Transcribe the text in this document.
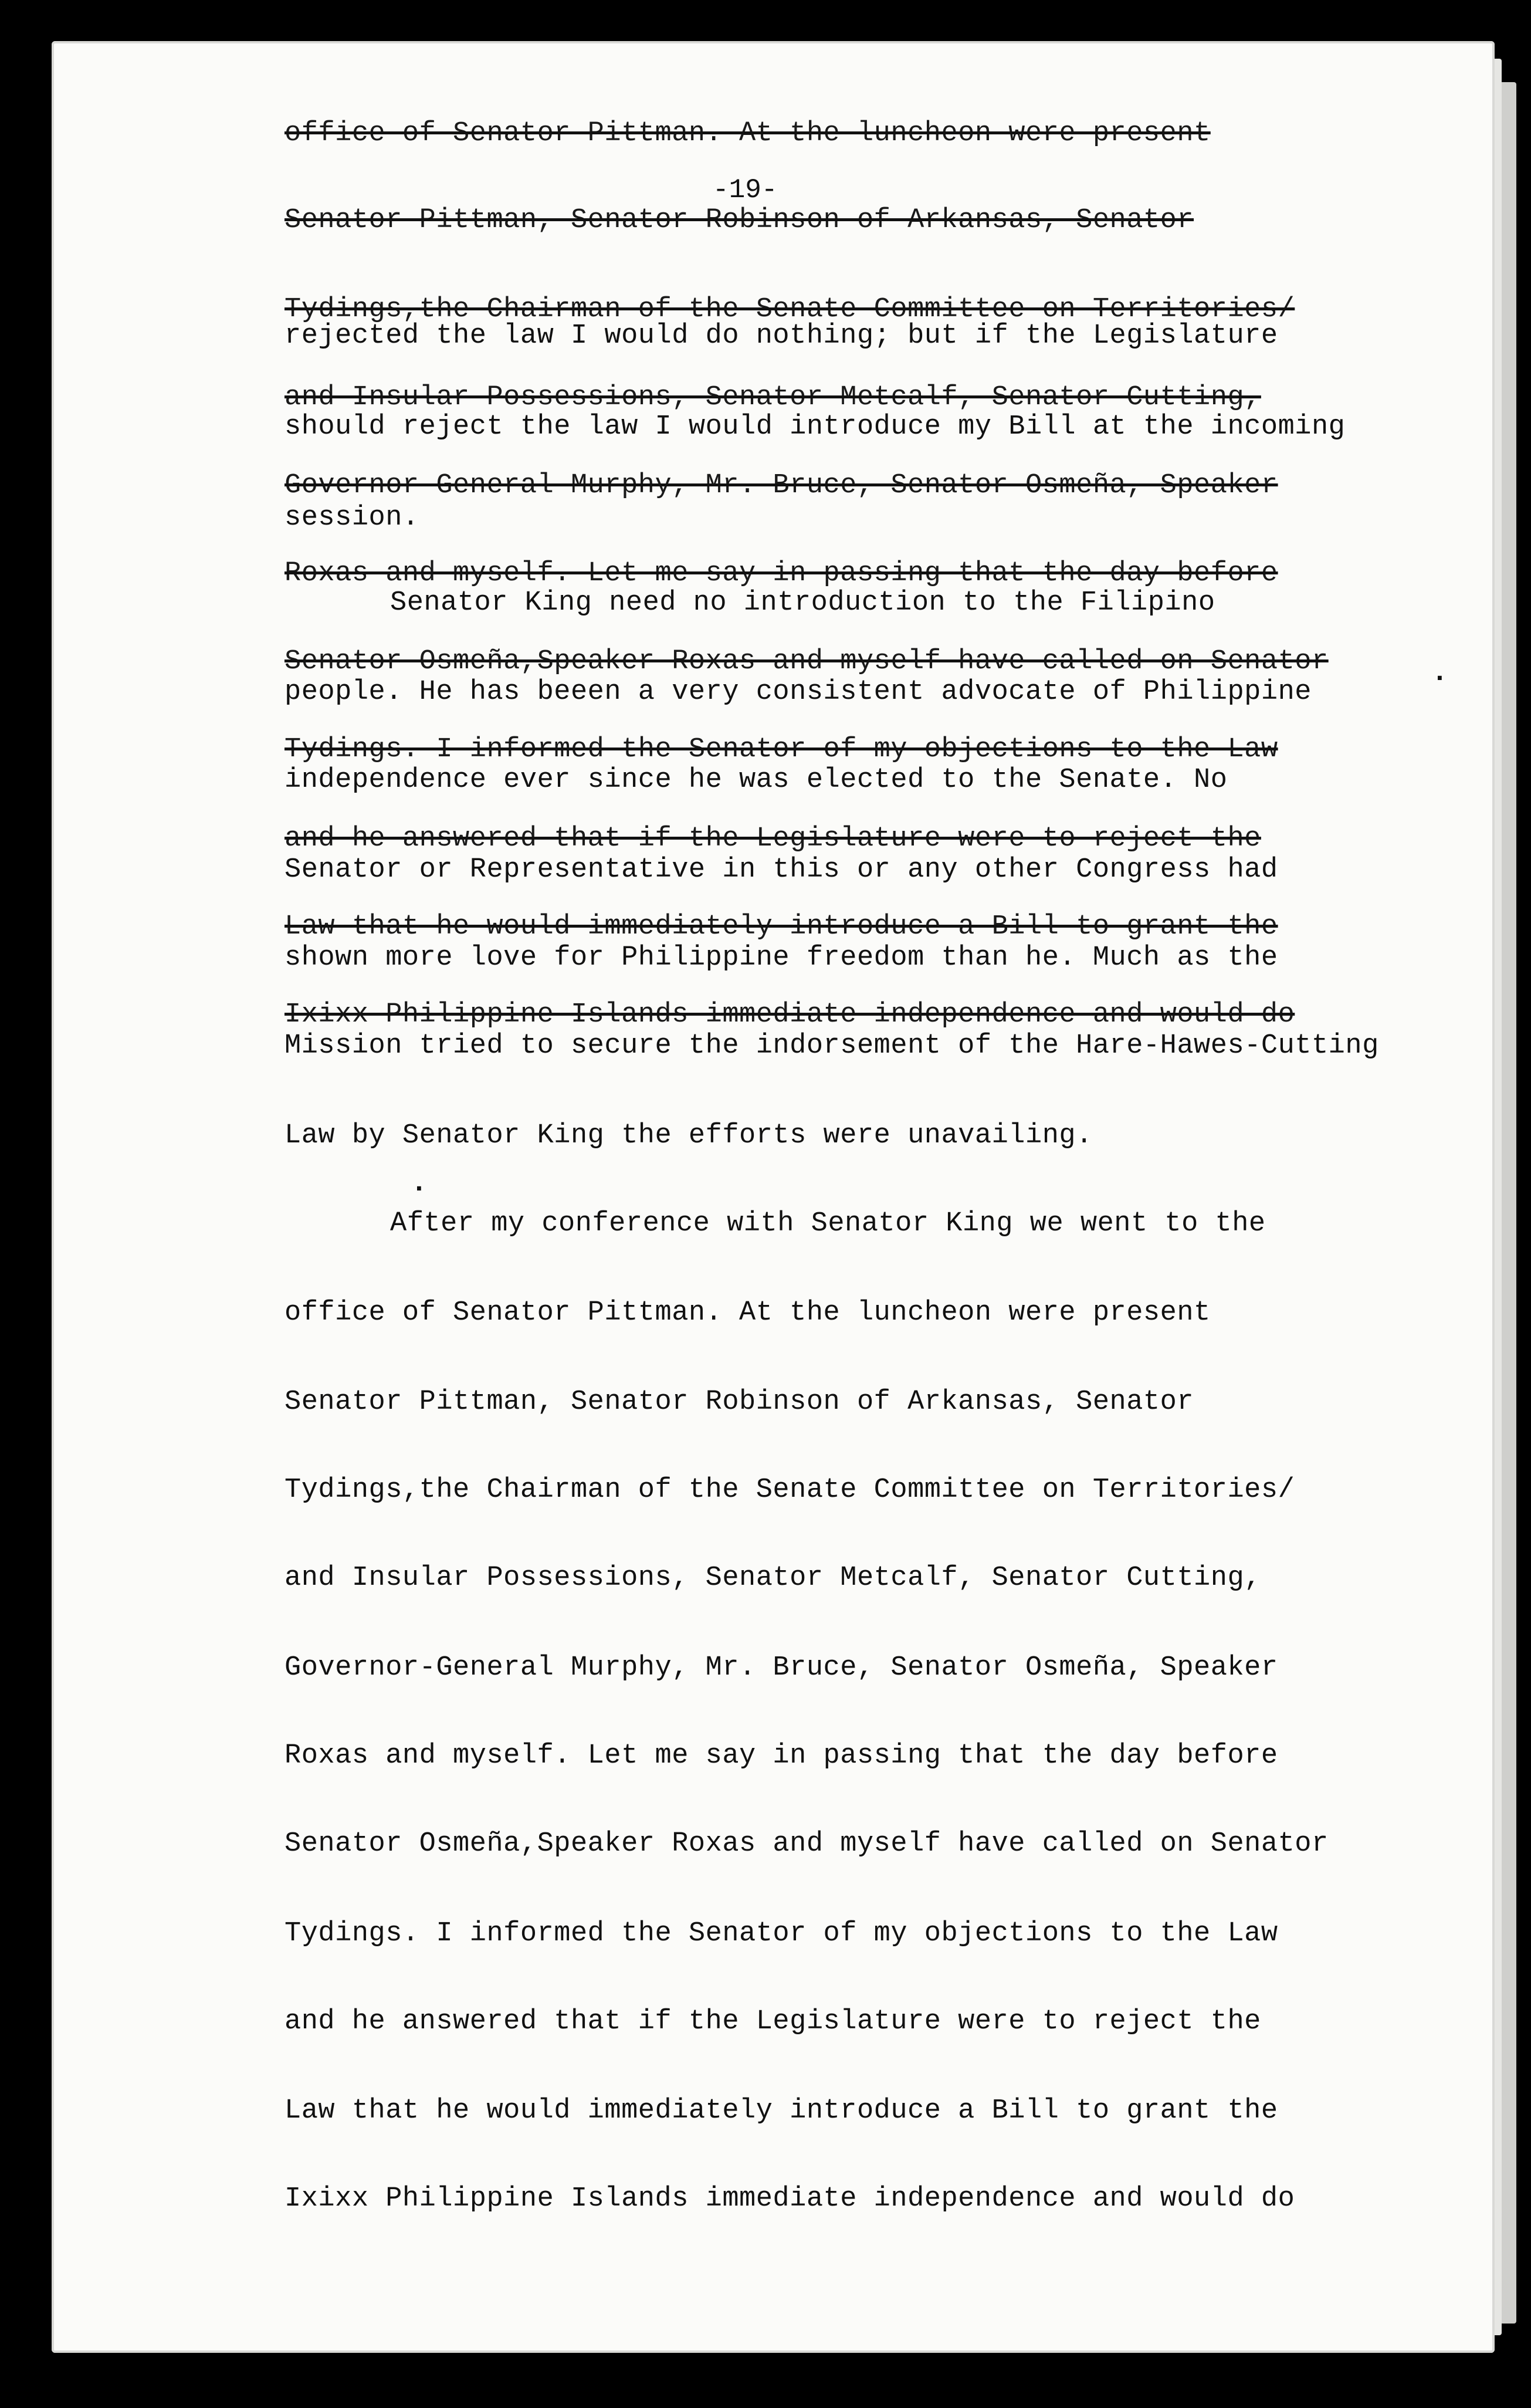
-19-
office of Senator Pittman. At the luncheon were present
Senator Pittman, Senator Robinson of Arkansas, Senator
Tydings,the Chairman of the Senate Committee on Territories/
and Insular Possessions, Senator Metcalf, Senator Cutting,
Governor-General Murphy, Mr. Bruce, Senator Osmeña, Speaker
Roxas and myself. Let me say in passing that the day before
Senator Osmeña,Speaker Roxas and myself have called on Senator
Tydings. I informed the Senator of my objections to the Law
and he answered that if the Legislature were to reject the
Law that he would immediately introduce a Bill to grant the
Ixixx Philippine Islands immediate independence and would do
rejected the law I would do nothing; but if the Legislature
should reject the law I would introduce my Bill at the incoming
session.
Senator King need no introduction to the Filipino
people. He has beeen a very consistent advocate of Philippine
independence ever since he was elected to the Senate. No
Senator or Representative in this or any other Congress had
shown more love for Philippine freedom than he. Much as the
Mission tried to secure the indorsement of the Hare-Hawes-Cutting
Law by Senator King the efforts were unavailing.
After my conference with Senator King we went to the
office of Senator Pittman. At the luncheon were present
Senator Pittman, Senator Robinson of Arkansas, Senator
Tydings,the Chairman of the Senate Committee on Territories/
and Insular Possessions, Senator Metcalf, Senator Cutting,
Governor-General Murphy, Mr. Bruce, Senator Osmeña, Speaker
Roxas and myself. Let me say in passing that the day before
Senator Osmeña,Speaker Roxas and myself have called on Senator
Tydings. I informed the Senator of my objections to the Law
and he answered that if the Legislature were to reject the
Law that he would immediately introduce a Bill to grant the
Ixixx Philippine Islands immediate independence and would do
·
·
